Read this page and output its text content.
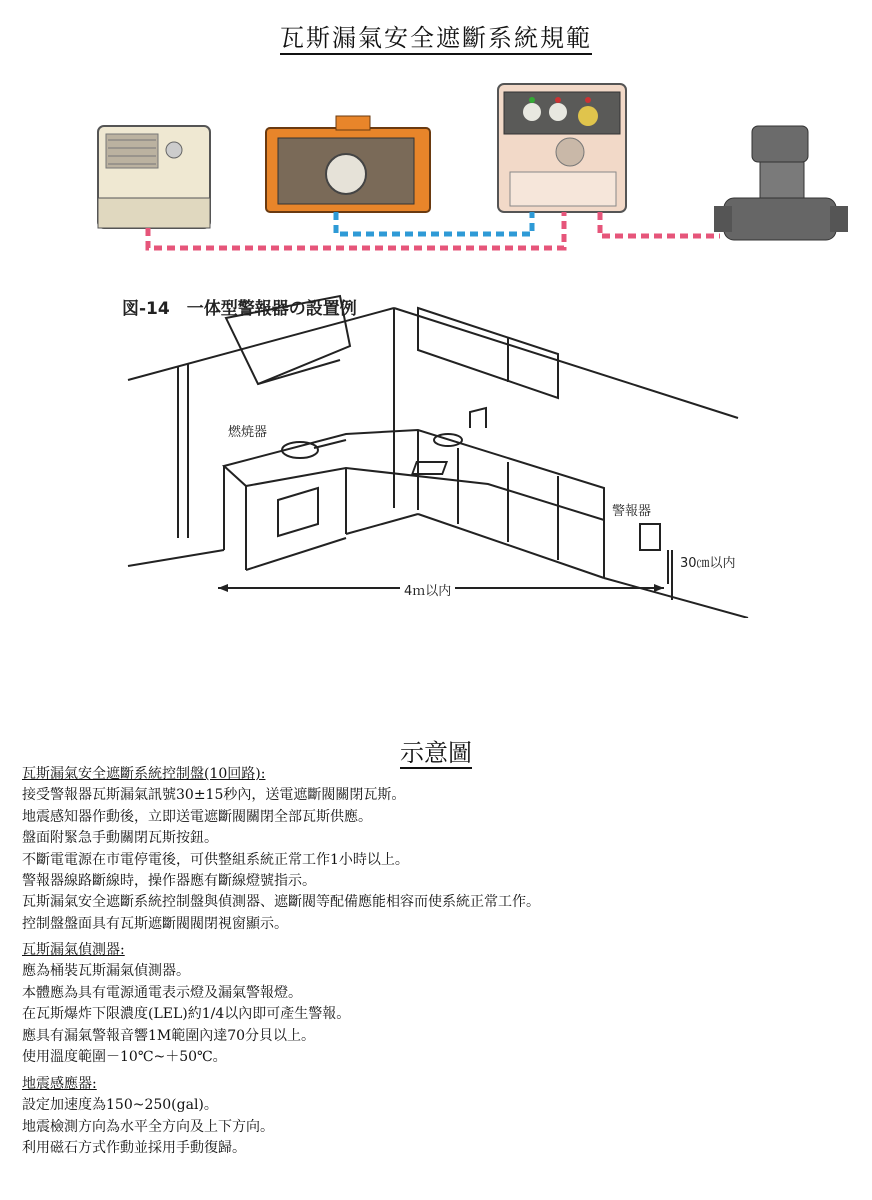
瓦斯漏氣安全遮斷系統規範
図-14　一体型警報器の設置例
燃焼器
警報器
30㎝以内
4ｍ以内
示意圖

瓦斯漏氣安全遮斷系統控制盤(10回路):

接受警報器瓦斯漏氣訊號30±15秒內，送電遮斷閥關閉瓦斯。

地震感知器作動後，立即送電遮斷閥關閉全部瓦斯供應。

盤面附緊急手動關閉瓦斯按鈕。

不斷電電源在市電停電後，可供整組系統正常工作1小時以上。

警報器線路斷線時，操作器應有斷線燈號指示。

瓦斯漏氣安全遮斷系統控制盤與偵測器、遮斷閥等配備應能相容而使系統正常工作。

控制盤盤面具有瓦斯遮斷閥閥閉視窗顯示。

瓦斯漏氣偵測器:

應為桶裝瓦斯漏氣偵測器。

本體應為具有電源通電表示燈及漏氣警報燈。

在瓦斯爆炸下限濃度(LEL)約1/4以內即可產生警報。

應具有漏氣警報音響1M範圍內達70分貝以上。

使用溫度範圍－10℃~＋50℃。

地震感應器:

設定加速度為150~250(gal)。

地震檢測方向為水平全方向及上下方向。

利用磁石方式作動並採用手動復歸。
